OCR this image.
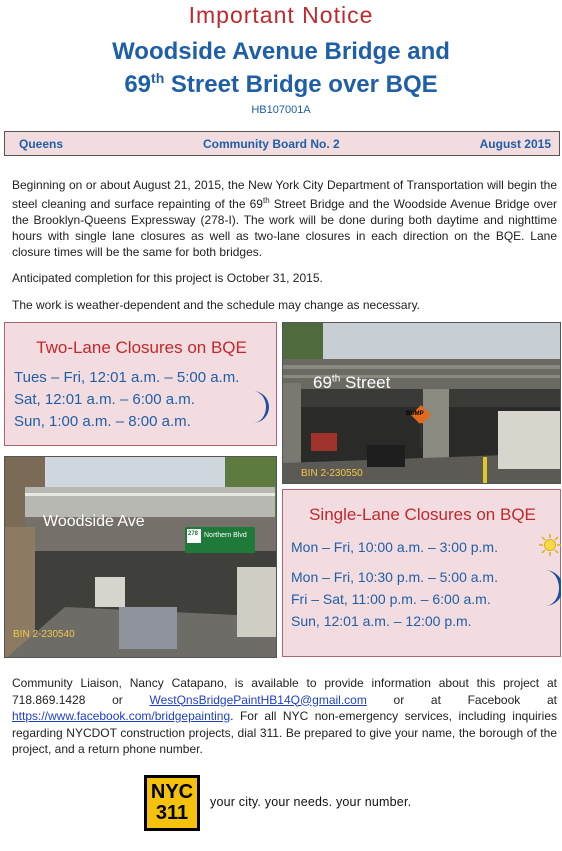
Important Notice
Woodside Avenue Bridge and
69th Street Bridge over BQE
HB107001A
Queens	Community Board No. 2	August 2015
Beginning on or about August 21, 2015, the New York City Department of Transportation will begin the steel cleaning and surface repainting of the 69th Street Bridge and the Woodside Avenue Bridge over the Brooklyn-Queens Expressway (278-I). The work will be done during both daytime and nighttime hours with single lane closures as well as two-lane closures in each direction on the BQE. Lane closure times will be the same for both bridges.
Anticipated completion for this project is October 31, 2015.
The work is weather-dependent and the schedule may change as necessary.
Two-Lane Closures on BQE
Tues – Fri, 12:01 a.m. – 5:00 a.m.
Sat, 12:01 a.m. – 6:00 a.m.
Sun, 1:00 a.m. – 8:00 a.m.
69th Street
BUMP
BIN 2-230550
Woodside Ave
278 Northern Blvd
BIN 2-230540
Single-Lane Closures on BQE
Mon – Fri, 10:00 a.m. – 3:00 p.m.
Mon – Fri, 10:30 p.m. – 5:00 a.m.
Fri – Sat, 11:00 p.m. – 6:00 a.m.
Sun, 12:01 a.m. – 12:00 p.m.
Community Liaison, Nancy Catapano, is available to provide information about this project at 718.869.1428 or WestQnsBridgePaintHB14Q@gmail.com or at Facebook at https://www.facebook.com/bridgepainting. For all NYC non-emergency services, including inquiries regarding NYCDOT construction projects, dial 311. Be prepared to give your name, the borough of the project, and a return phone number.
NYC
311	your city. your needs. your number.
